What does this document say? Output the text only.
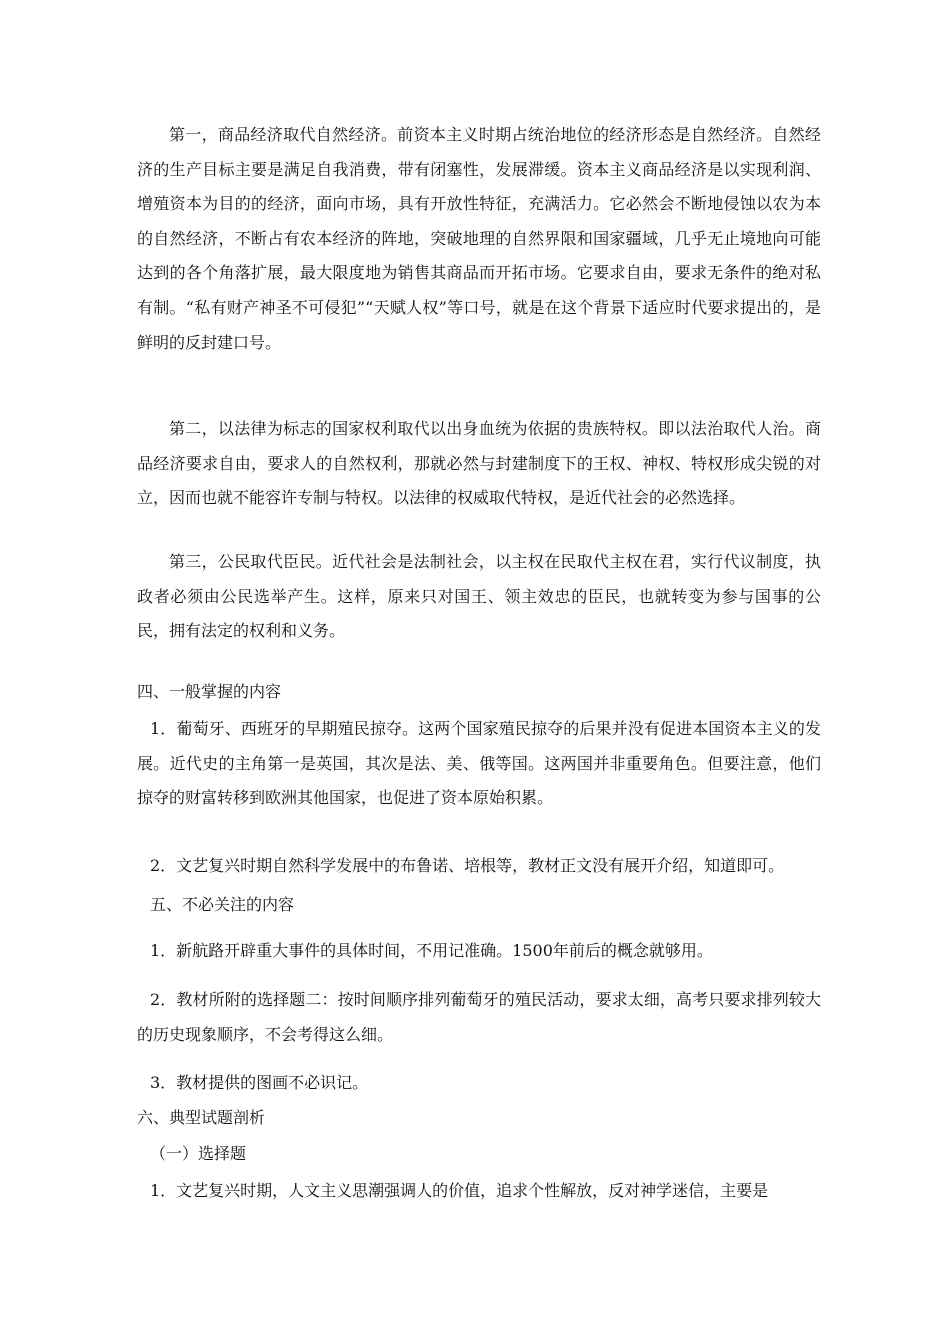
第一，商品经济取代自然经济。前资本主义时期占统治地位的经济形态是自然经济。自然经济的生产目标主要是满足自我消费，带有闭塞性，发展滞缓。资本主义商品经济是以实现利润、增殖资本为目的的经济，面向市场，具有开放性特征，充满活力。它必然会不断地侵蚀以农为本的自然经济，不断占有农本经济的阵地，突破地理的自然界限和国家疆域，几乎无止境地向可能达到的各个角落扩展，最大限度地为销售其商品而开拓市场。它要求自由，要求无条件的绝对私有制。“私有财产神圣不可侵犯”“天赋人权”等口号，就是在这个背景下适应时代要求提出的，是鲜明的反封建口号。

第二，以法律为标志的国家权利取代以出身血统为依据的贵族特权。即以法治取代人治。商品经济要求自由，要求人的自然权利，那就必然与封建制度下的王权、神权、特权形成尖锐的对立，因而也就不能容许专制与特权。以法律的权威取代特权，是近代社会的必然选择。

第三，公民取代臣民。近代社会是法制社会，以主权在民取代主权在君，实行代议制度，执政者必须由公民选举产生。这样，原来只对国王、领主效忠的臣民，也就转变为参与国事的公民，拥有法定的权利和义务。

四、一般掌握的内容

1．葡萄牙、西班牙的早期殖民掠夺。这两个国家殖民掠夺的后果并没有促进本国资本主义的发展。近代史的主角第一是英国，其次是法、美、俄等国。这两国并非重要角色。但要注意，他们掠夺的财富转移到欧洲其他国家，也促进了资本原始积累。

2．文艺复兴时期自然科学发展中的布鲁诺、培根等，教材正文没有展开介绍，知道即可。

五、不必关注的内容

1．新航路开辟重大事件的具体时间，不用记准确。1500年前后的概念就够用。

2．教材所附的选择题二：按时间顺序排列葡萄牙的殖民活动，要求太细，高考只要求排列较大的历史现象顺序，不会考得这么细。

3．教材提供的图画不必识记。

六、典型试题剖析

（一）选择题

1．文艺复兴时期，人文主义思潮强调人的价值，追求个性解放，反对神学迷信，主要是
